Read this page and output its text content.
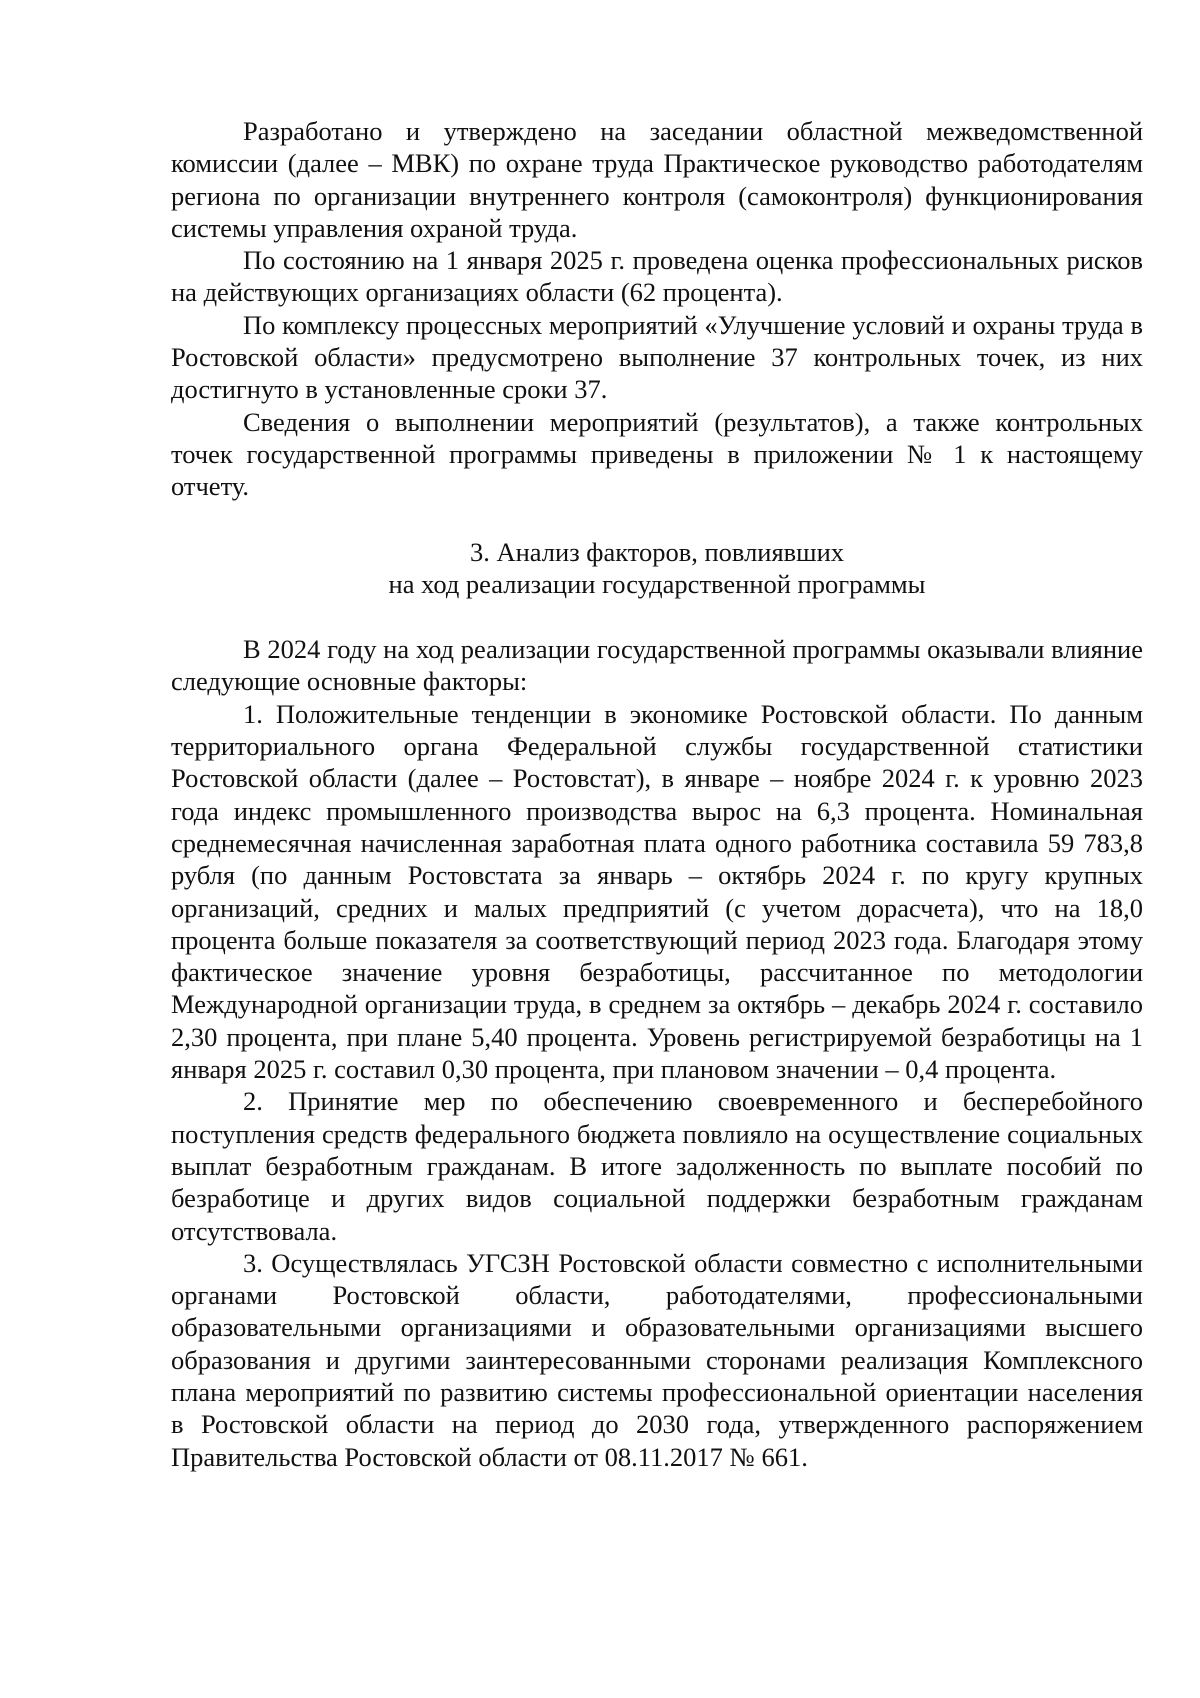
Разработано и утверждено на заседании областной межведомственной комиссии (далее – МВК) по охране труда Практическое руководство работодателям региона по организации внутреннего контроля (самоконтроля) функционирования системы управления охраной труда.

По состоянию на 1 января 2025 г. проведена оценка профессиональных рисков на действующих организациях области (62 процента).

По комплексу процессных мероприятий «Улучшение условий и охраны труда в Ростовской области» предусмотрено выполнение 37 контрольных точек, из них достигнуто в установленные сроки 37.

Сведения о выполнении мероприятий (результатов), а также контрольных точек государственной программы приведены в приложении № 1 к настоящему отчету.

3. Анализ факторов, повлиявших

на ход реализации государственной программы

В 2024 году на ход реализации государственной программы оказывали влияние следующие основные факторы:

1. Положительные тенденции в экономике Ростовской области. По данным территориального органа Федеральной службы государственной статистики Ростовской области (далее – Ростовстат), в январе – ноябре 2024 г. к уровню 2023 года индекс промышленного производства вырос на 6,3 процента. Номинальная среднемесячная начисленная заработная плата одного работника составила 59 783,8 рубля (по данным Ростовстата за январь – октябрь 2024 г. по кругу крупных организаций, средних и малых предприятий (с учетом дорасчета), что на 18,0 процента больше показателя за соответствующий период 2023 года. Благодаря этому фактическое значение уровня безработицы, рассчитанное по методологии Международной организации труда, в среднем за октябрь – декабрь 2024 г. составило 2,30 процента, при плане 5,40 процента. Уровень регистрируемой безработицы на 1 января 2025 г. составил 0,30 процента, при плановом значении – 0,4 процента.

2. Принятие мер по обеспечению своевременного и бесперебойного поступления средств федерального бюджета повлияло на осуществление социальных выплат безработным гражданам. В итоге задолженность по выплате пособий по безработице и других видов социальной поддержки безработным гражданам отсутствовала.

3. Осуществлялась УГСЗН Ростовской области совместно с исполнительными органами Ростовской области, работодателями, профессиональными образовательными организациями и образовательными организациями высшего образования и другими заинтересованными сторонами реализация Комплексного плана мероприятий по развитию системы профессиональной ориентации населения в Ростовской области на период до 2030 года, утвержденного распоряжением Правительства Ростовской области от 08.11.2017 № 661.
